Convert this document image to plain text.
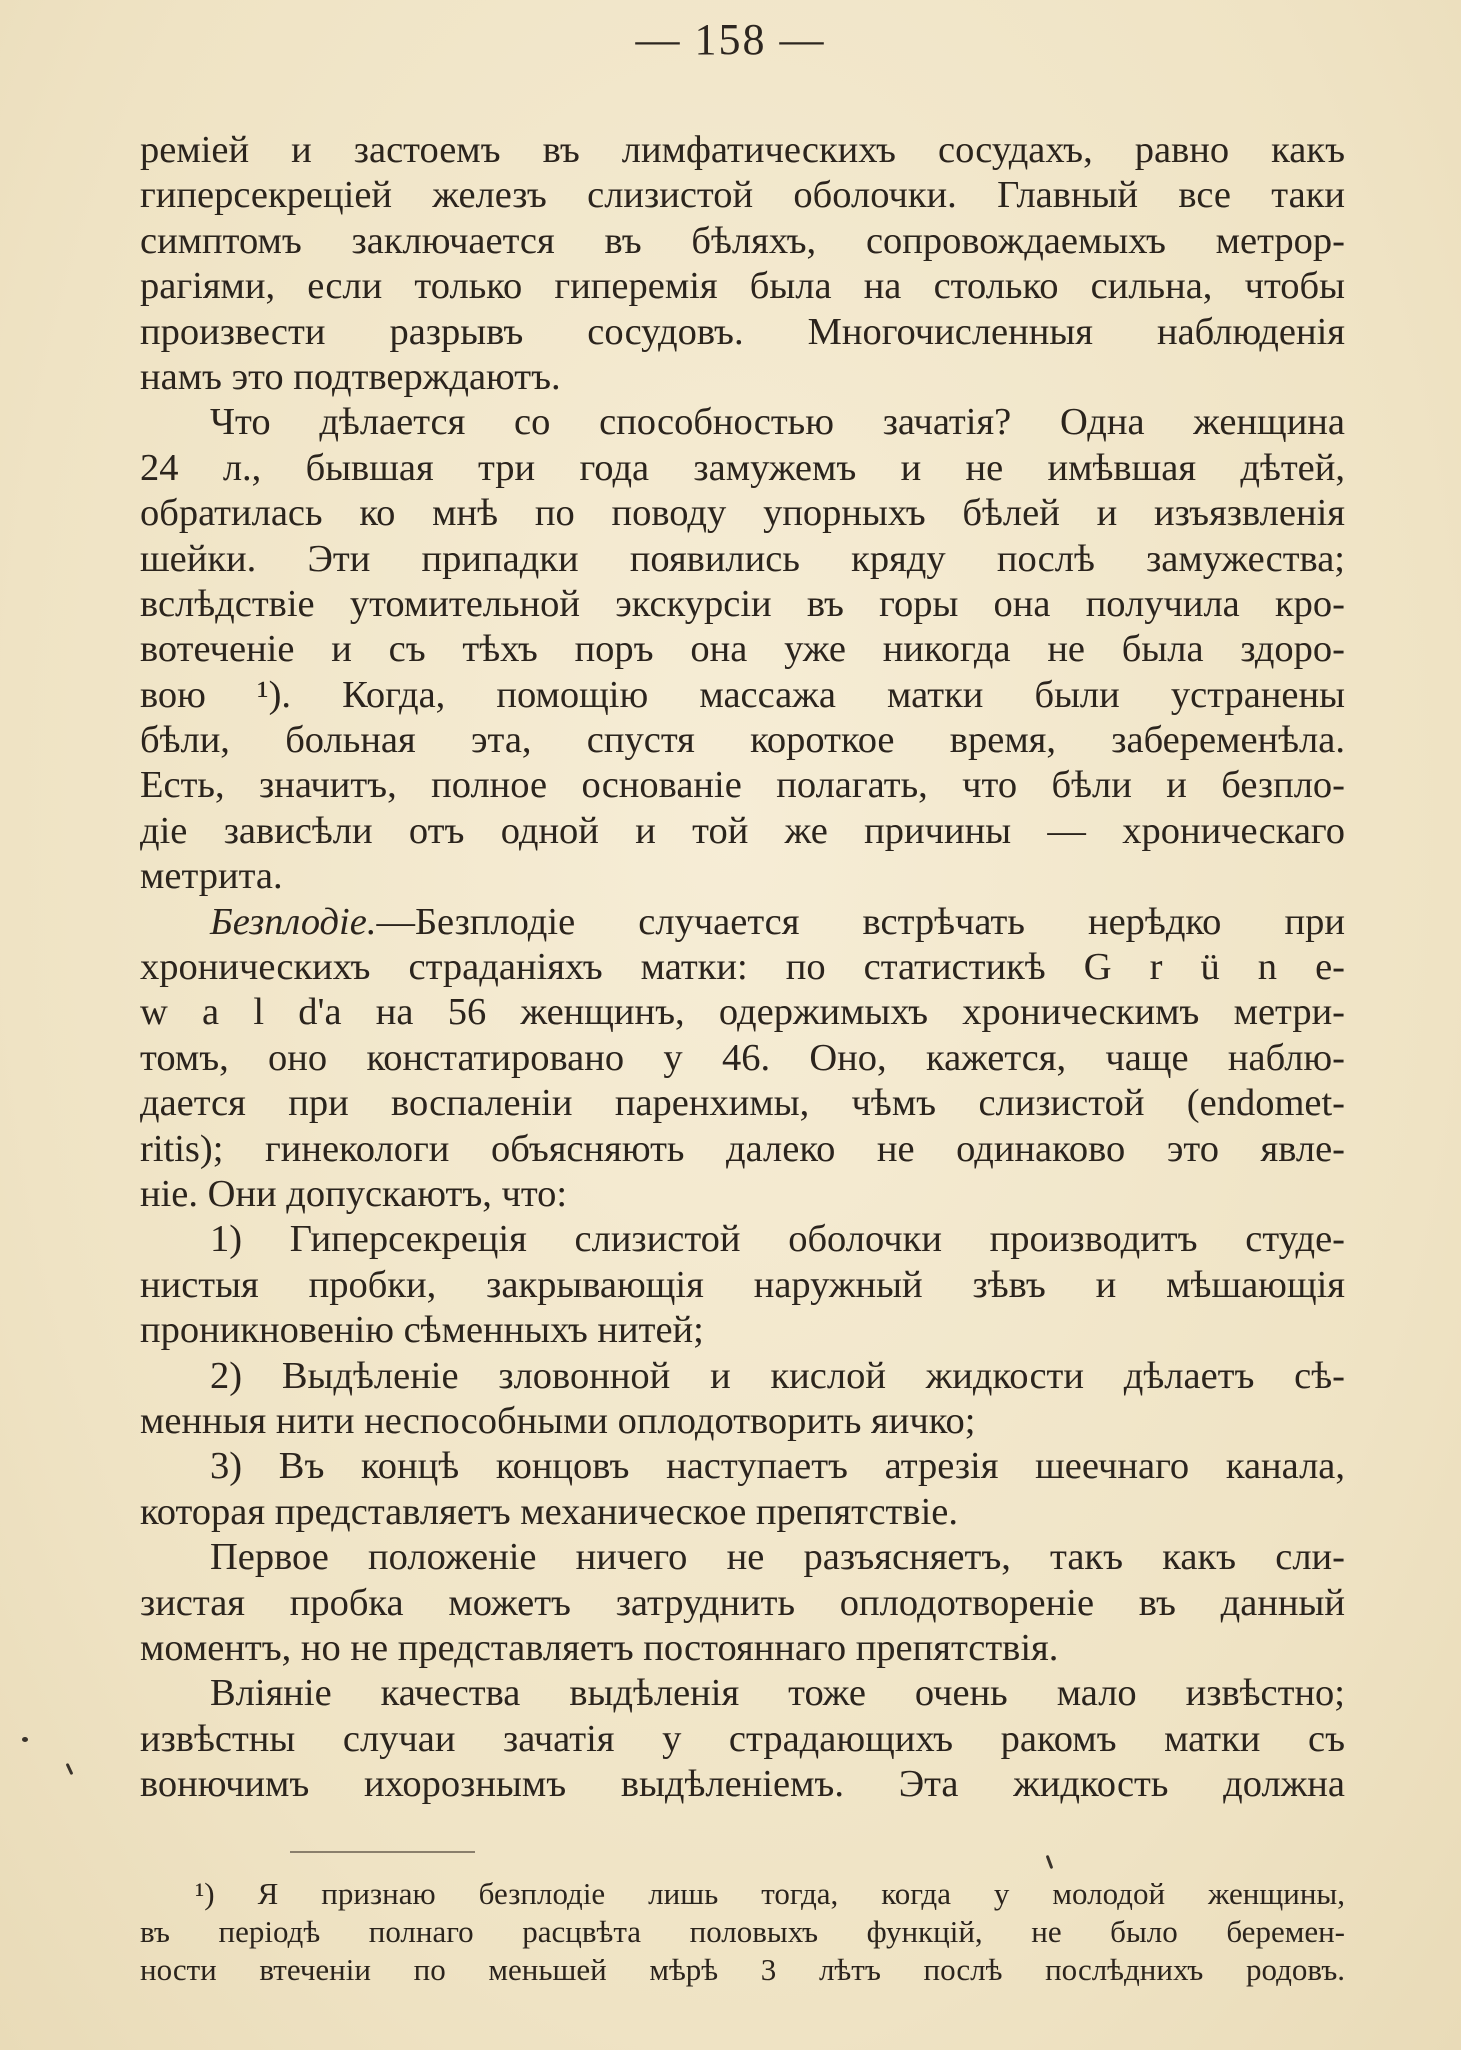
— 158 —
ремiей и застоемъ въ лимфатическихъ сосудахъ, равно какъ
гиперсекрецiей железъ слизистой оболочки. Главный все таки
симптомъ заключается въ бѣляхъ, сопровождаемыхъ метрор-
рагiями, если только гиперемiя была на столько сильна, чтобы
произвести разрывъ сосудовъ. Многочисленныя наблюденiя
намъ это подтверждаютъ.
Что дѣлается со способностью зачатiя? Одна женщина
24 л., бывшая три года замужемъ и не имѣвшая дѣтей,
обратилась ко мнѣ по поводу упорныхъ бѣлей и изъязвленiя
шейки. Эти припадки появились кряду послѣ замужества;
вслѣдствiе утомительной экскурсiи въ горы она получила кро-
вотеченiе и съ тѣхъ поръ она уже никогда не была здоро-
вою ¹). Когда, помощiю массажа матки были устранены
бѣли, больная эта, спустя короткое время, забеременѣла.
Есть, значитъ, полное основанiе полагать, что бѣли и безпло-
дiе зависѣли отъ одной и той же причины — хроническаго
метрита.
Безплодiе.—Безплодiе случается встрѣчать нерѣдко при
хроническихъ страданiяхъ матки: по статистикѣ G r ü n e-
w a l d'a на 56 женщинъ, одержимыхъ хроническимъ метри-
томъ, оно констатировано у 46. Оно, кажется, чаще наблю-
дается при воспаленiи паренхимы, чѣмъ слизистой (endomet-
ritis); гинекологи объясняють далеко не одинаково это явле-
нiе. Они допускаютъ, что:
1) Гиперсекрецiя слизистой оболочки производитъ студе-
нистыя пробки, закрывающiя наружный зѣвъ и мѣшающiя
проникновенiю сѣменныхъ нитей;
2) Выдѣленiе зловонной и кислой жидкости дѣлаетъ сѣ-
менныя нити неспособными оплодотворить яичко;
3) Въ концѣ концовъ наступаетъ атрезiя шеечнаго канала,
которая представляетъ механическое препятствiе.
Первое положенiе ничего не разъясняетъ, такъ какъ сли-
зистая пробка можетъ затруднить оплодотворенiе въ данный
моментъ, но не представляетъ постояннаго препятствiя.
Влiянiе качества выдѣленiя тоже очень мало извѣстно;
извѣстны случаи зачатiя у страдающихъ ракомъ матки съ
вонючимъ ихорознымъ выдѣленiемъ. Эта жидкость должна
¹) Я признаю безплодiе лишь тогда, когда у молодой женщины,
въ перiодѣ полнаго расцвѣта половыхъ функцiй, не было беремен-
ности втеченiи по меньшей мѣрѣ 3 лѣтъ послѣ послѣднихъ родовъ.
